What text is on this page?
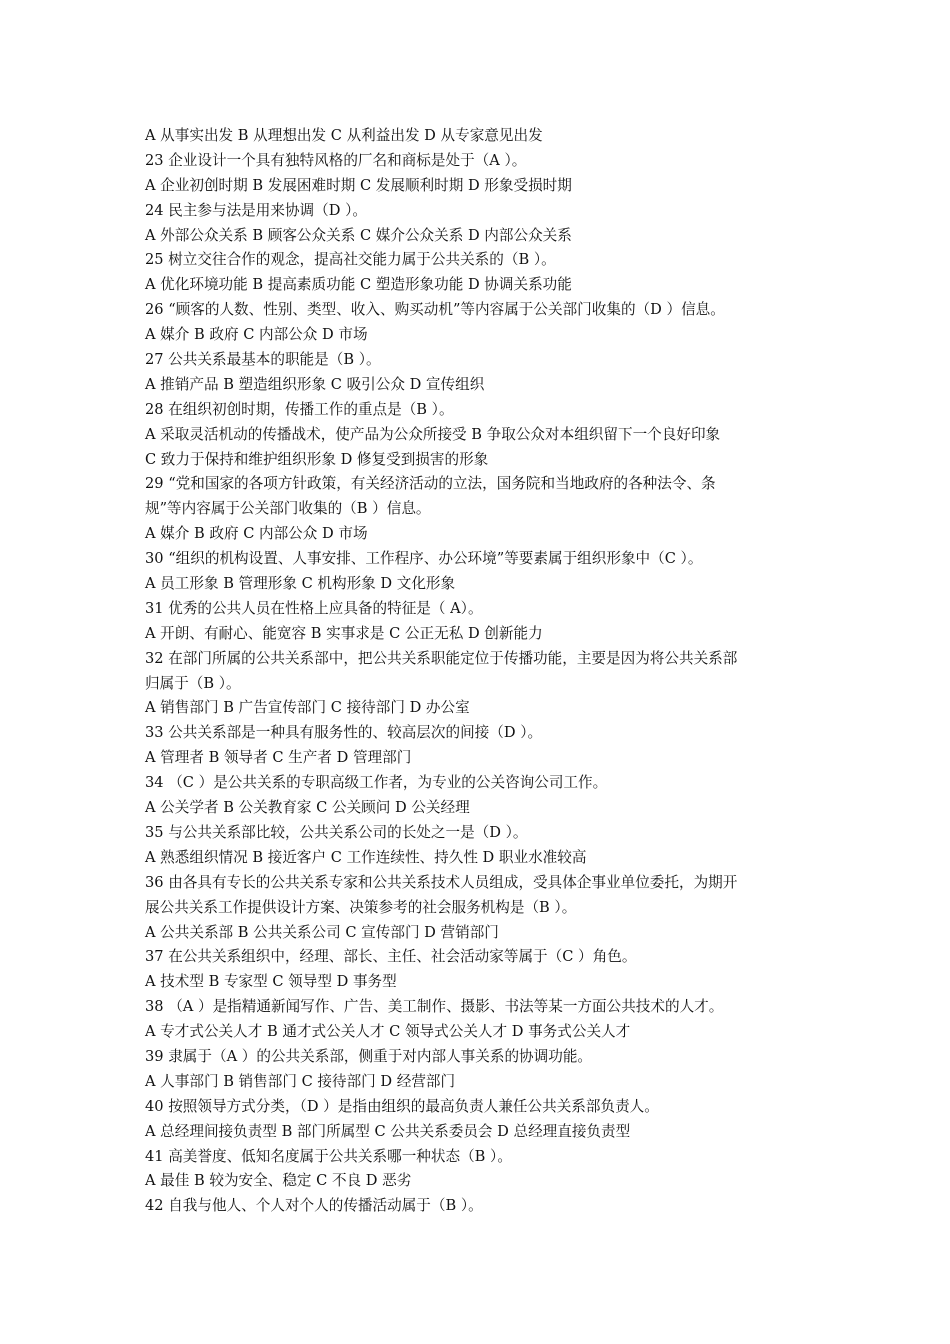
A 从事实出发 B 从理想出发 C 从利益出发 D 从专家意见出发
23 企业设计一个具有独特风格的厂名和商标是处于（A ）。
A 企业初创时期 B 发展困难时期 C 发展顺利时期 D 形象受损时期
24 民主参与法是用来协调（D ）。
A 外部公众关系 B 顾客公众关系 C 媒介公众关系 D 内部公众关系
25 树立交往合作的观念，提高社交能力属于公共关系的（B ）。
A 优化环境功能 B 提高素质功能 C 塑造形象功能 D 协调关系功能
26 “顾客的人数、性别、类型、收入、购买动机”等内容属于公关部门收集的（D ）信息。
A 媒介 B 政府 C 内部公众 D 市场
27 公共关系最基本的职能是（B ）。
A 推销产品 B 塑造组织形象 C 吸引公众 D 宣传组织
28 在组织初创时期，传播工作的重点是（B ）。
A 采取灵活机动的传播战术，使产品为公众所接受 B 争取公众对本组织留下一个良好印象
C 致力于保持和维护组织形象 D 修复受到损害的形象
29 “党和国家的各项方针政策，有关经济活动的立法，国务院和当地政府的各种法令、条
规”等内容属于公关部门收集的（B ）信息。
A 媒介 B 政府 C 内部公众 D 市场
30 “组织的机构设置、人事安排、工作程序、办公环境”等要素属于组织形象中（C ）。
A 员工形象 B 管理形象 C 机构形象 D 文化形象
31 优秀的公共人员在性格上应具备的特征是（ A）。
A 开朗、有耐心、能宽容 B 实事求是 C 公正无私 D 创新能力
32 在部门所属的公共关系部中，把公共关系职能定位于传播功能，主要是因为将公共关系部
归属于（B ）。
A 销售部门 B 广告宣传部门 C 接待部门 D 办公室
33 公共关系部是一种具有服务性的、较高层次的间接（D ）。
A 管理者 B 领导者 C 生产者 D 管理部门
34 （C ）是公共关系的专职高级工作者，为专业的公关咨询公司工作。
A 公关学者 B 公关教育家 C 公关顾问 D 公关经理
35 与公共关系部比较，公共关系公司的长处之一是（D ）。
A 熟悉组织情况 B 接近客户 C 工作连续性、持久性 D 职业水准较高
36 由各具有专长的公共关系专家和公共关系技术人员组成，受具体企事业单位委托，为期开
展公共关系工作提供设计方案、决策参考的社会服务机构是（B ）。
A 公共关系部 B 公共关系公司 C 宣传部门 D 营销部门
37 在公共关系组织中，经理、部长、主任、社会活动家等属于（C ）角色。
A 技术型 B 专家型 C 领导型 D 事务型
38 （A ）是指精通新闻写作、广告、美工制作、摄影、书法等某一方面公共技术的人才。
A 专才式公关人才 B 通才式公关人才 C 领导式公关人才 D 事务式公关人才
39 隶属于（A ）的公共关系部，侧重于对内部人事关系的协调功能。
A 人事部门 B 销售部门 C 接待部门 D 经营部门
40 按照领导方式分类，（D ）是指由组织的最高负责人兼任公共关系部负责人。
A 总经理间接负责型 B 部门所属型 C 公共关系委员会 D 总经理直接负责型
41 高美誉度、低知名度属于公共关系哪一种状态（B ）。
A 最佳 B 较为安全、稳定 C 不良 D 恶劣
42 自我与他人、个人对个人的传播活动属于（B ）。
